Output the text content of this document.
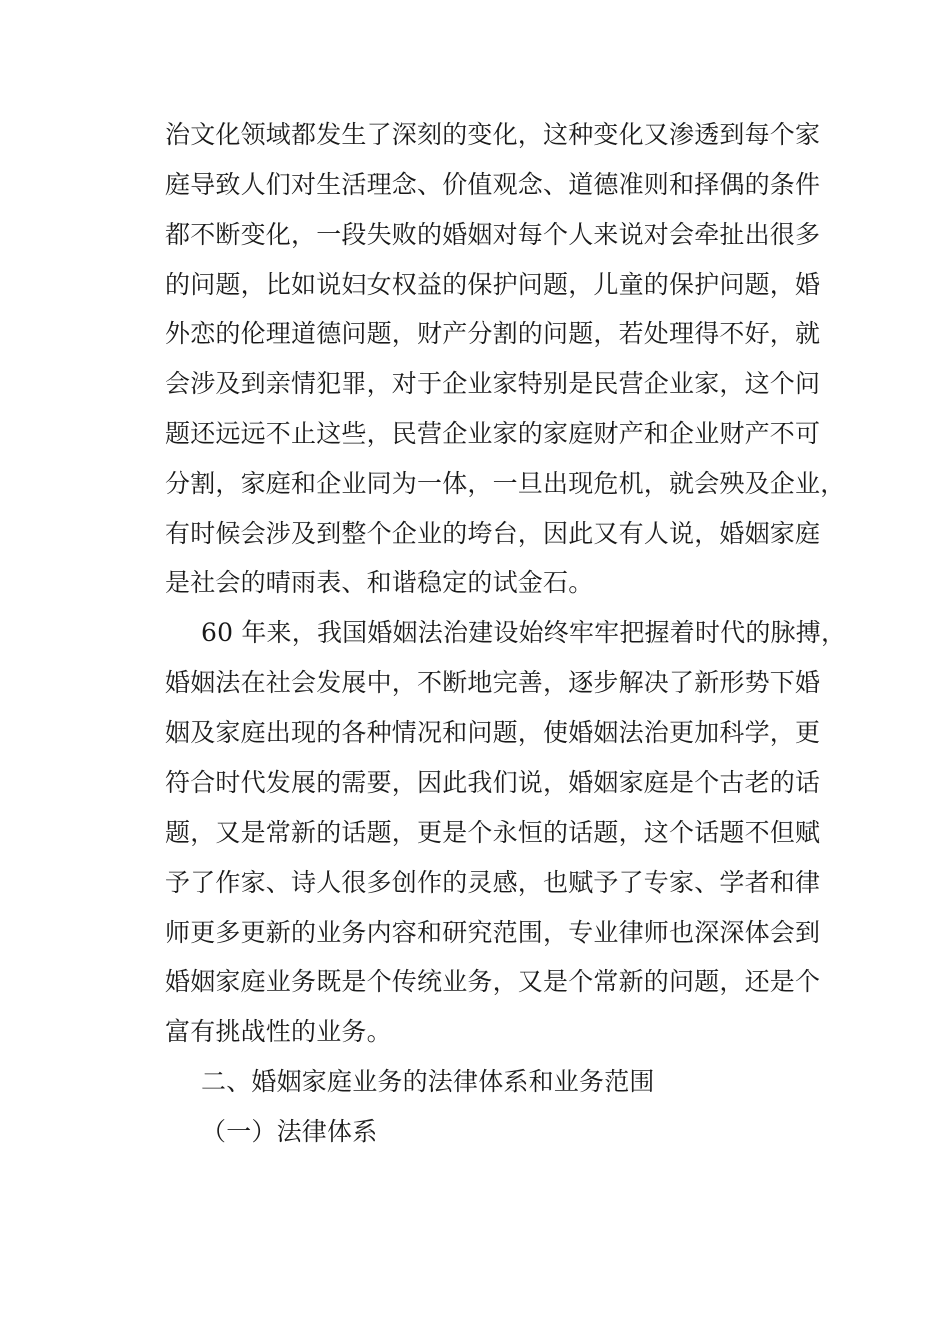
治文化领域都发生了深刻的变化，这种变化又渗透到每个家
庭导致人们对生活理念、价值观念、道德准则和择偶的条件
都不断变化，一段失败的婚姻对每个人来说对会牵扯出很多
的问题，比如说妇女权益的保护问题，儿童的保护问题，婚
外恋的伦理道德问题，财产分割的问题，若处理得不好，就
会涉及到亲情犯罪，对于企业家特别是民营企业家，这个问
题还远远不止这些，民营企业家的家庭财产和企业财产不可
分割，家庭和企业同为一体，一旦出现危机，就会殃及企业，
有时候会涉及到整个企业的垮台，因此又有人说，婚姻家庭
是社会的晴雨表、和谐稳定的试金石。
60 年来，我国婚姻法治建设始终牢牢把握着时代的脉搏，
婚姻法在社会发展中，不断地完善，逐步解决了新形势下婚
姻及家庭出现的各种情况和问题，使婚姻法治更加科学，更
符合时代发展的需要，因此我们说，婚姻家庭是个古老的话
题，又是常新的话题，更是个永恒的话题，这个话题不但赋
予了作家、诗人很多创作的灵感，也赋予了专家、学者和律
师更多更新的业务内容和研究范围，专业律师也深深体会到
婚姻家庭业务既是个传统业务，又是个常新的问题，还是个
富有挑战性的业务。
二、婚姻家庭业务的法律体系和业务范围
（一）法律体系
